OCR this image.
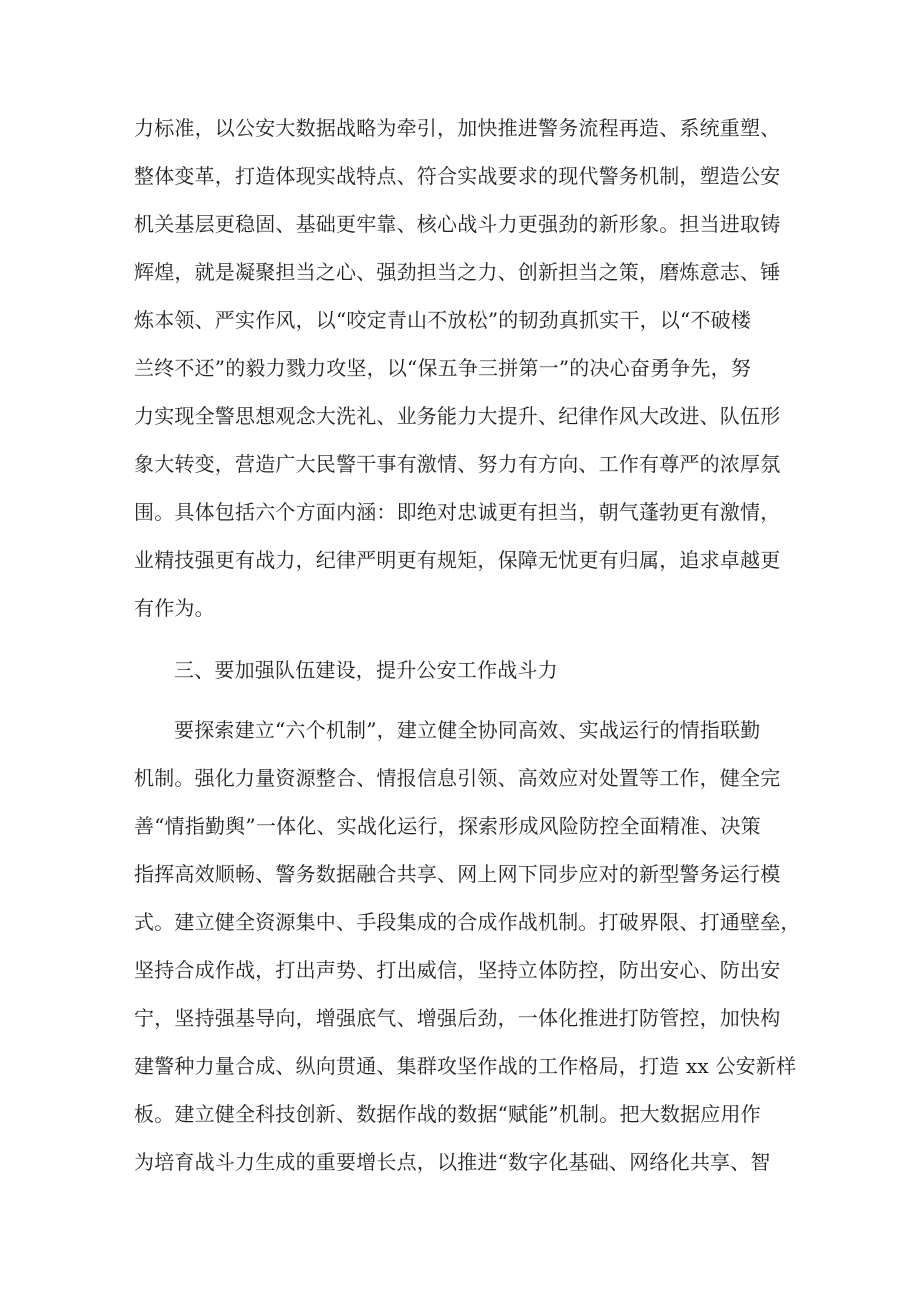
力标准，以公安大数据战略为牵引，加快推进警务流程再造、系统重塑、
整体变革，打造体现实战特点、符合实战要求的现代警务机制，塑造公安
机关基层更稳固、基础更牢靠、核心战斗力更强劲的新形象。担当进取铸
辉煌，就是凝聚担当之心、强劲担当之力、创新担当之策，磨炼意志、锤
炼本领、严实作风，以“咬定青山不放松”的韧劲真抓实干，以“不破楼
兰终不还”的毅力戮力攻坚，以“保五争三拼第一”的决心奋勇争先，努
力实现全警思想观念大洗礼、业务能力大提升、纪律作风大改进、队伍形
象大转变，营造广大民警干事有激情、努力有方向、工作有尊严的浓厚氛
围。具体包括六个方面内涵：即绝对忠诚更有担当，朝气蓬勃更有激情，
业精技强更有战力，纪律严明更有规矩，保障无忧更有归属，追求卓越更
有作为。
三、要加强队伍建设，提升公安工作战斗力
要探索建立“六个机制”，建立健全协同高效、实战运行的情指联勤
机制。强化力量资源整合、情报信息引领、高效应对处置等工作，健全完
善“情指勤舆”一体化、实战化运行，探索形成风险防控全面精准、决策
指挥高效顺畅、警务数据融合共享、网上网下同步应对的新型警务运行模
式。建立健全资源集中、手段集成的合成作战机制。打破界限、打通壁垒，
坚持合成作战，打出声势、打出威信，坚持立体防控，防出安心、防出安
宁，坚持强基导向，增强底气、增强后劲，一体化推进打防管控，加快构
建警种力量合成、纵向贯通、集群攻坚作战的工作格局，打造 xx 公安新样
板。建立健全科技创新、数据作战的数据“赋能”机制。把大数据应用作
为培育战斗力生成的重要增长点，以推进“数字化基础、网络化共享、智
